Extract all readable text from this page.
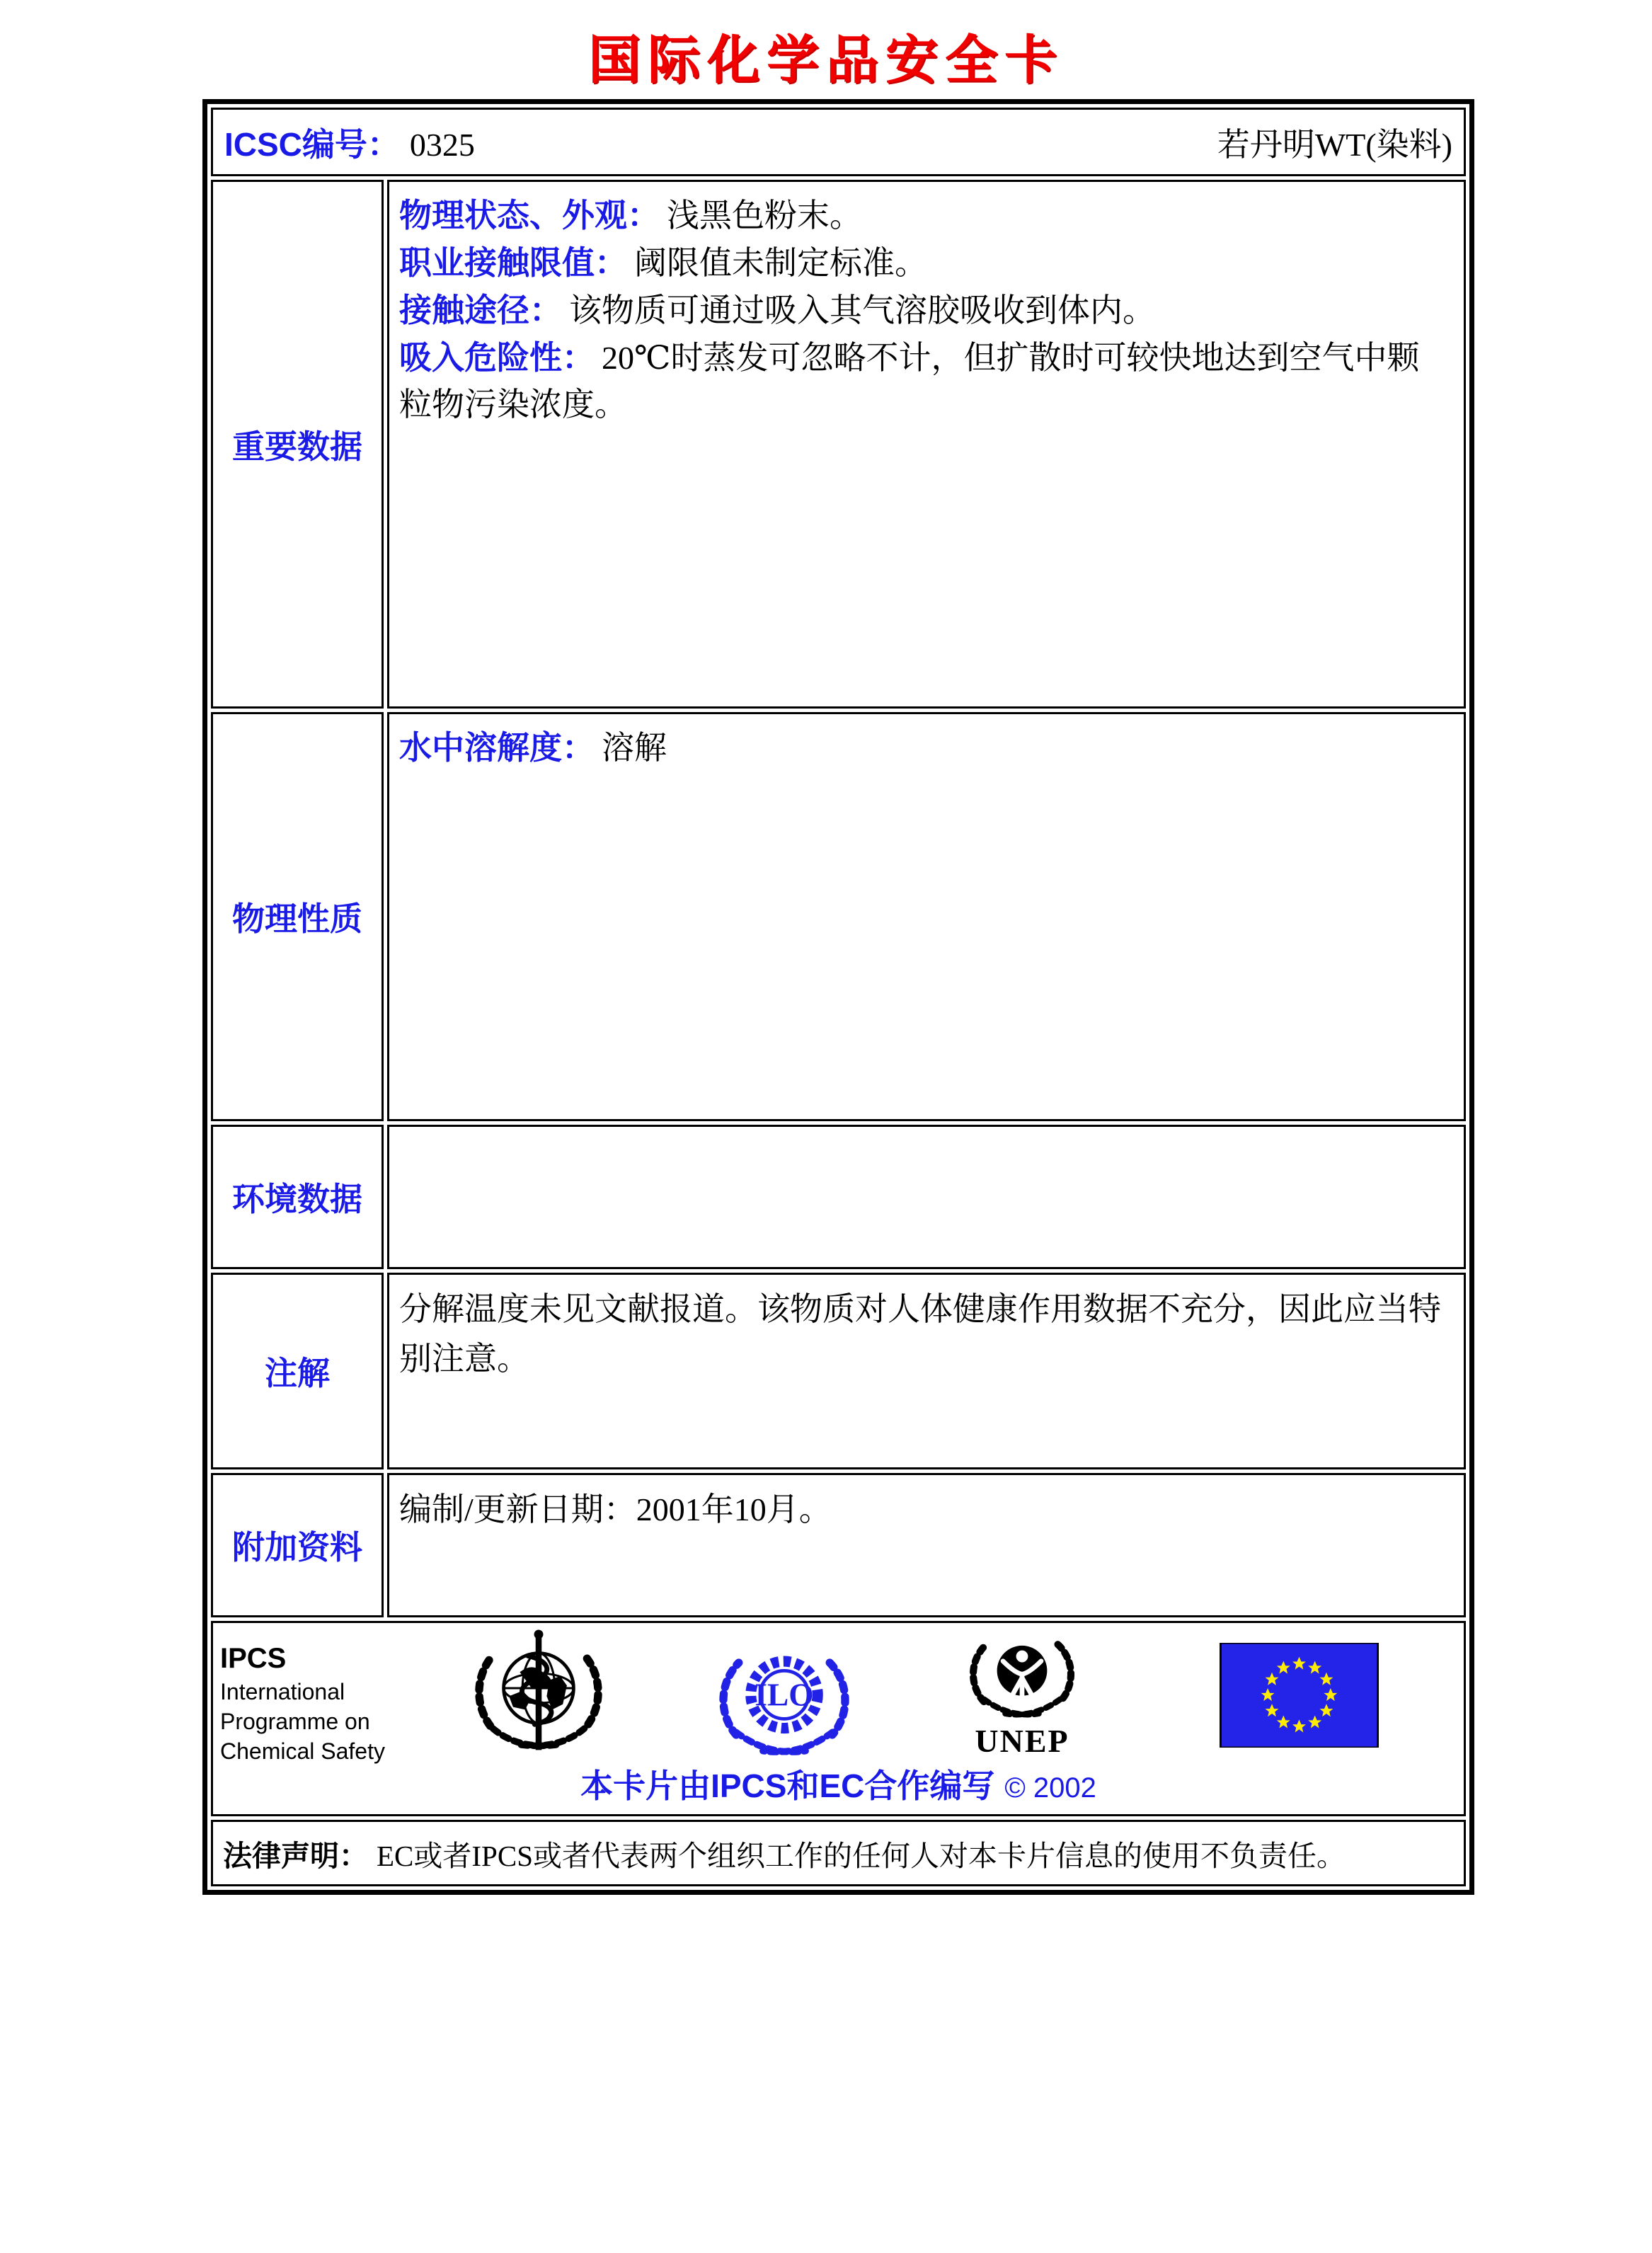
国际化学品安全卡
ICSC编号： 0325	若丹明WT(染料)
重要数据

物理状态、外观： 浅黑色粉末。

职业接触限值： 阈限值未制定标准。

接触途径： 该物质可通过吸入其气溶胶吸收到体内。

吸入危险性： 20℃时蒸发可忽略不计，但扩散时可较快地达到空气中颗粒物污染浓度。

物理性质

水中溶解度： 溶解

环境数据
注解

分解温度未见文献报道。该物质对人体健康作用数据不充分，因此应当特别注意。

附加资料

编制/更新日期：2001年10月。

IPCS
International
Programme on
Chemical Safety
ILO
UNEP
本卡片由IPCS和EC合作编写 © 2002
法律声明： EC或者IPCS或者代表两个组织工作的任何人对本卡片信息的使用不负责任。
